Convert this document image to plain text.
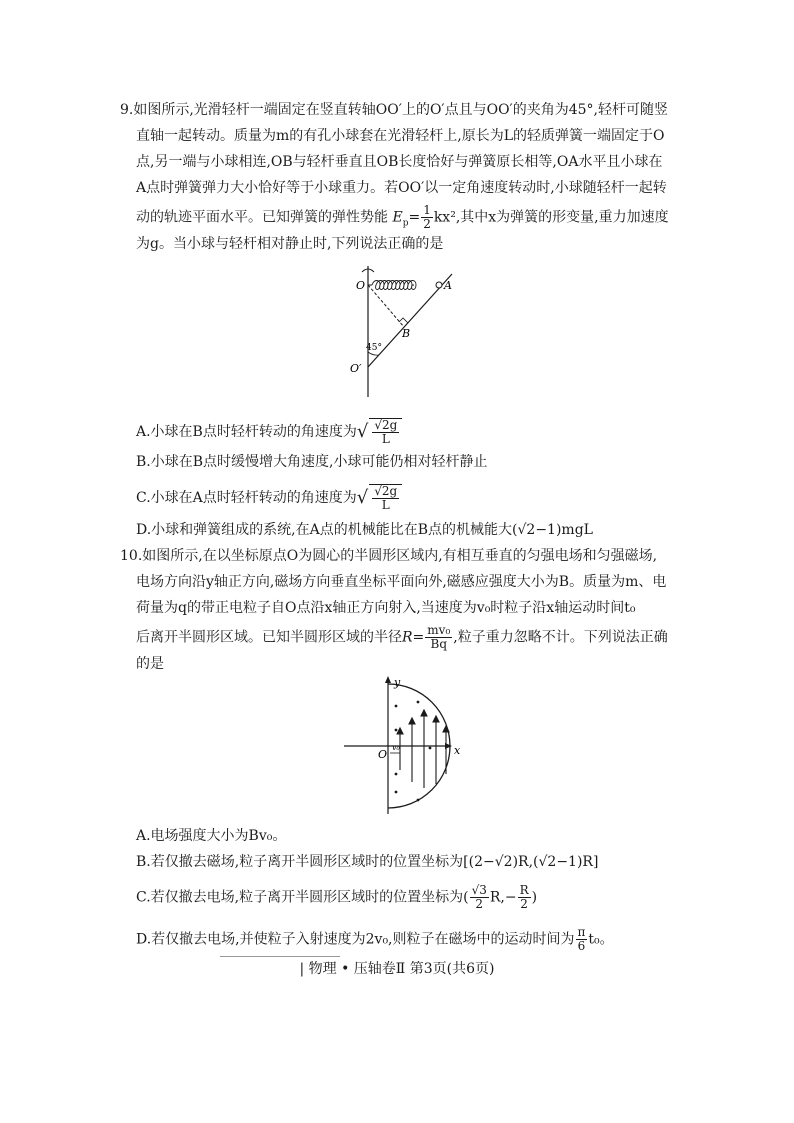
9.如图所示,光滑轻杆一端固定在竖直转轴OO′上的O′点且与OO′的夹角为45°,轻杆可随竖
直轴一起转动。质量为m的有孔小球套在光滑轻杆上,原长为L的轻质弹簧一端固定于O
点,另一端与小球相连,OB与轻杆垂直且OB长度恰好与弹簧原长相等,OA水平且小球在
A点时弹簧弹力大小恰好等于小球重力。若OO′以一定角速度转动时,小球随轻杆一起转
动的轨迹平面水平。已知弹簧的弹性势能 $E_p= \frac{1}{2} kx^2$,其中x为弹簧的形变量,重力加速度
为g。当小球与轻杆相对静止时,下列说法正确的是
O	A
B
O′
45°
A.小球在B点时轻杆转动的角速度为√ $\frac{√2g}{L}$
B.小球在B点时缓慢增大角速度,小球可能仍相对轻杆静止
C.小球在A点时轻杆转动的角速度为√ $\frac{√2g}{L}$
D.小球和弹簧组成的系统,在A点的机械能比在B点的机械能大(√2−1)mgL
10.如图所示,在以坐标原点O为圆心的半圆形区域内,有相互垂直的匀强电场和匀强磁场,
电场方向沿y轴正方向,磁场方向垂直坐标平面向外,磁感应强度大小为B。质量为m、电
荷量为q的带正电粒子自O点沿x轴正方向射入,当速度为v₀时粒子沿x轴运动时间t₀
后离开半圆形区域。已知半圆形区域的半径$R= \frac{\text{mv₀}}{Bq}$ ,粒子重力忽略不计。下列说法正确
的是
y
x
O
v₀
A.电场强度大小为Bv₀。
B.若仅撤去磁场,粒子离开半圆形区域时的位置坐标为[(2−√2)R,(√2−1)R]
C.若仅撤去电场,粒子离开半圆形区域时的位置坐标为( $\frac{√3}{2} R,- \frac{R}{2}$ )
D.若仅撤去电场,并使粒子入射速度为2v₀,则粒子在磁场中的运动时间为 $\frac{\pi}{6} t_0$。
| 物理 • 压轴卷Ⅱ 第3页(共6页)
